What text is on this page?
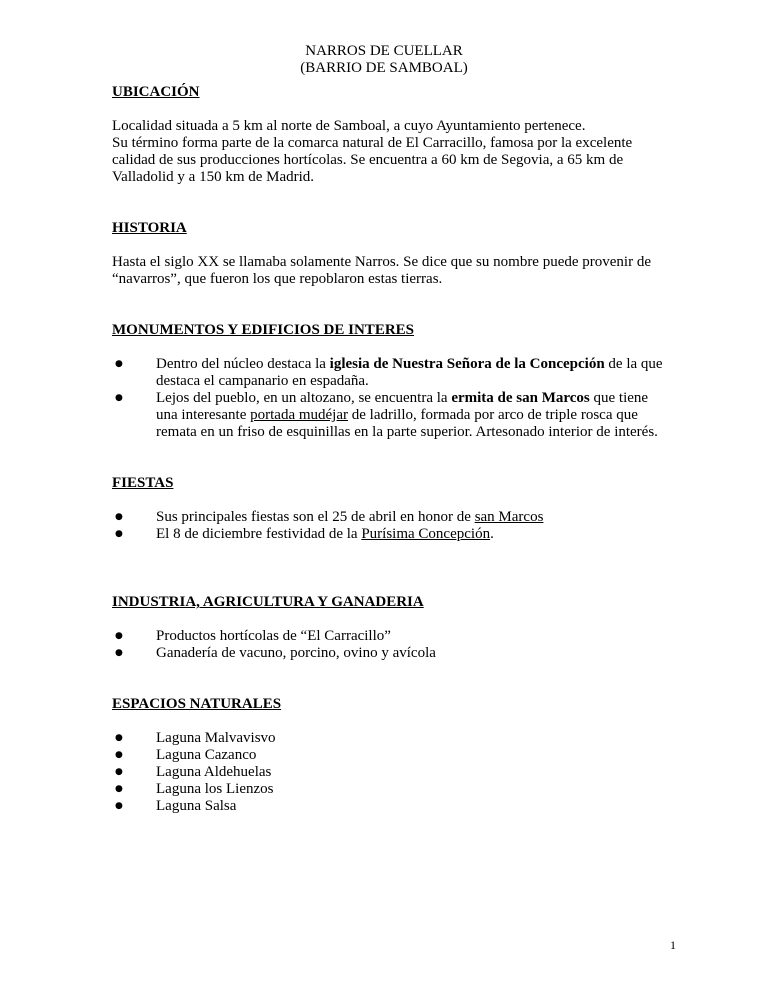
NARROS DE CUELLAR
(BARRIO DE SAMBOAL)
UBICACIÓN

Localidad situada a 5 km al norte de Samboal, a cuyo Ayuntamiento pertenece.

Su término forma parte de la comarca natural de El Carracillo, famosa por la excelente calidad de sus producciones hortícolas. Se encuentra a 60 km de Segovia, a 65 km de Valladolid y a 150 km de Madrid.

HISTORIA

Hasta el siglo XX se llamaba solamente Narros. Se dice que su nombre puede provenir de “navarros”, que fueron los que repoblaron estas tierras.

MONUMENTOS Y EDIFICIOS DE INTERES
● Dentro del núcleo destaca la iglesia de Nuestra Señora de la Concepción de la que destaca el campanario en espadaña.
● Lejos del pueblo, en un altozano, se encuentra la ermita de san Marcos que tiene una interesante portada mudéjar de ladrillo, formada por arco de triple rosca que remata en un friso de esquinillas en la parte superior. Artesonado interior de interés.
FIESTAS
● Sus principales fiestas son el 25 de abril en honor de san Marcos
● El 8 de diciembre festividad de la Purísima Concepción.
INDUSTRIA, AGRICULTURA Y GANADERIA
● Productos hortícolas de “El Carracillo”
● Ganadería de vacuno, porcino, ovino y avícola
ESPACIOS NATURALES
● Laguna Malvavisvo
● Laguna Cazanco
● Laguna Aldehuelas
● Laguna los Lienzos
● Laguna Salsa
1
